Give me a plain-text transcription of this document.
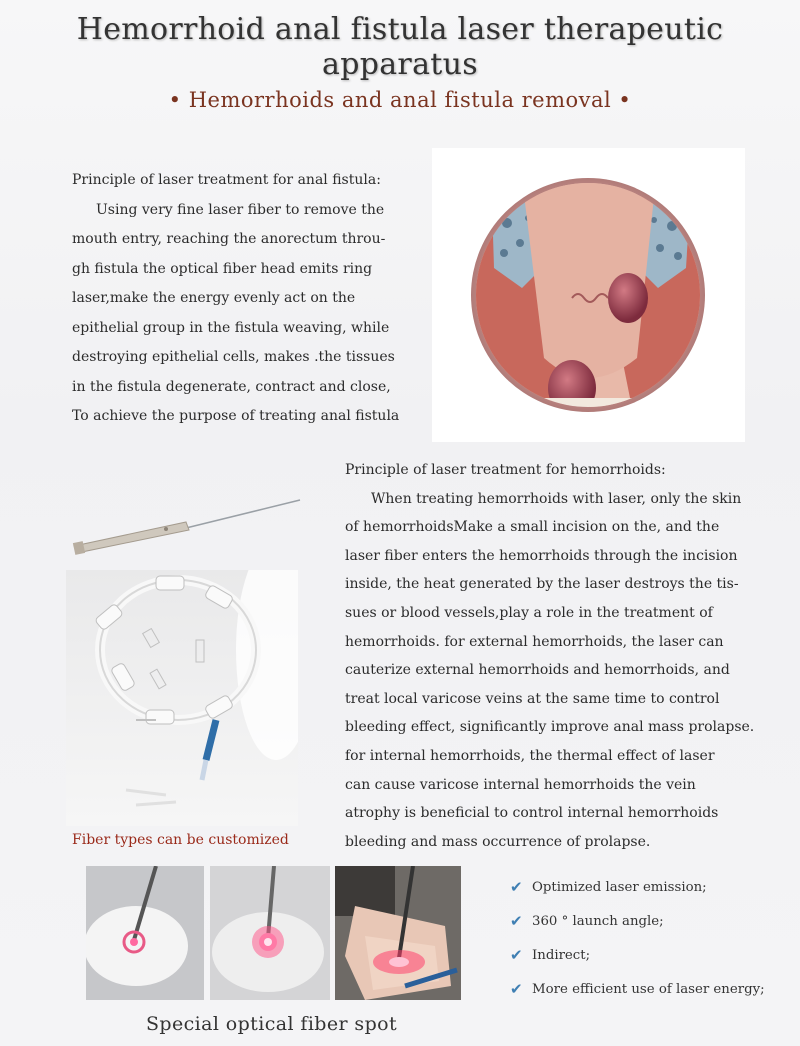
Hemorrhoid anal fistula laser therapeutic apparatus
• Hemorrhoids and anal fistula removal •

Principle of laser treatment for anal fistula:

Using very fine laser fiber to remove the

mouth entry, reaching the anorectum throu-

gh fistula the optical fiber head emits ring

laser,make the energy evenly act on the

epithelial group in the fistula weaving, while

destroying epithelial cells, makes .the tissues

in the fistula degenerate, contract and close,

To achieve the purpose of treating anal fistula

Principle of laser treatment for hemorrhoids:

When treating hemorrhoids with laser, only the skin

of hemorrhoidsMake a small incision on the, and the

laser fiber enters the hemorrhoids through the incision

inside, the heat generated by the laser destroys the tis-

sues or blood vessels,play a role in the treatment of

hemorrhoids. for external hemorrhoids, the laser can

cauterize external hemorrhoids and hemorrhoids, and

treat local varicose veins at the same time to control

bleeding effect, significantly improve anal mass prolapse.

for internal hemorrhoids, the thermal effect of laser

can cause varicose internal hemorrhoids the vein

atrophy is beneficial to control internal hemorrhoids

bleeding and mass occurrence of prolapse.

Fiber types can be customized
Special optical fiber spot
✔ Optimized laser emission;
✔ 360 ° launch angle;
✔ Indirect;
✔ More efficient use of laser energy;
